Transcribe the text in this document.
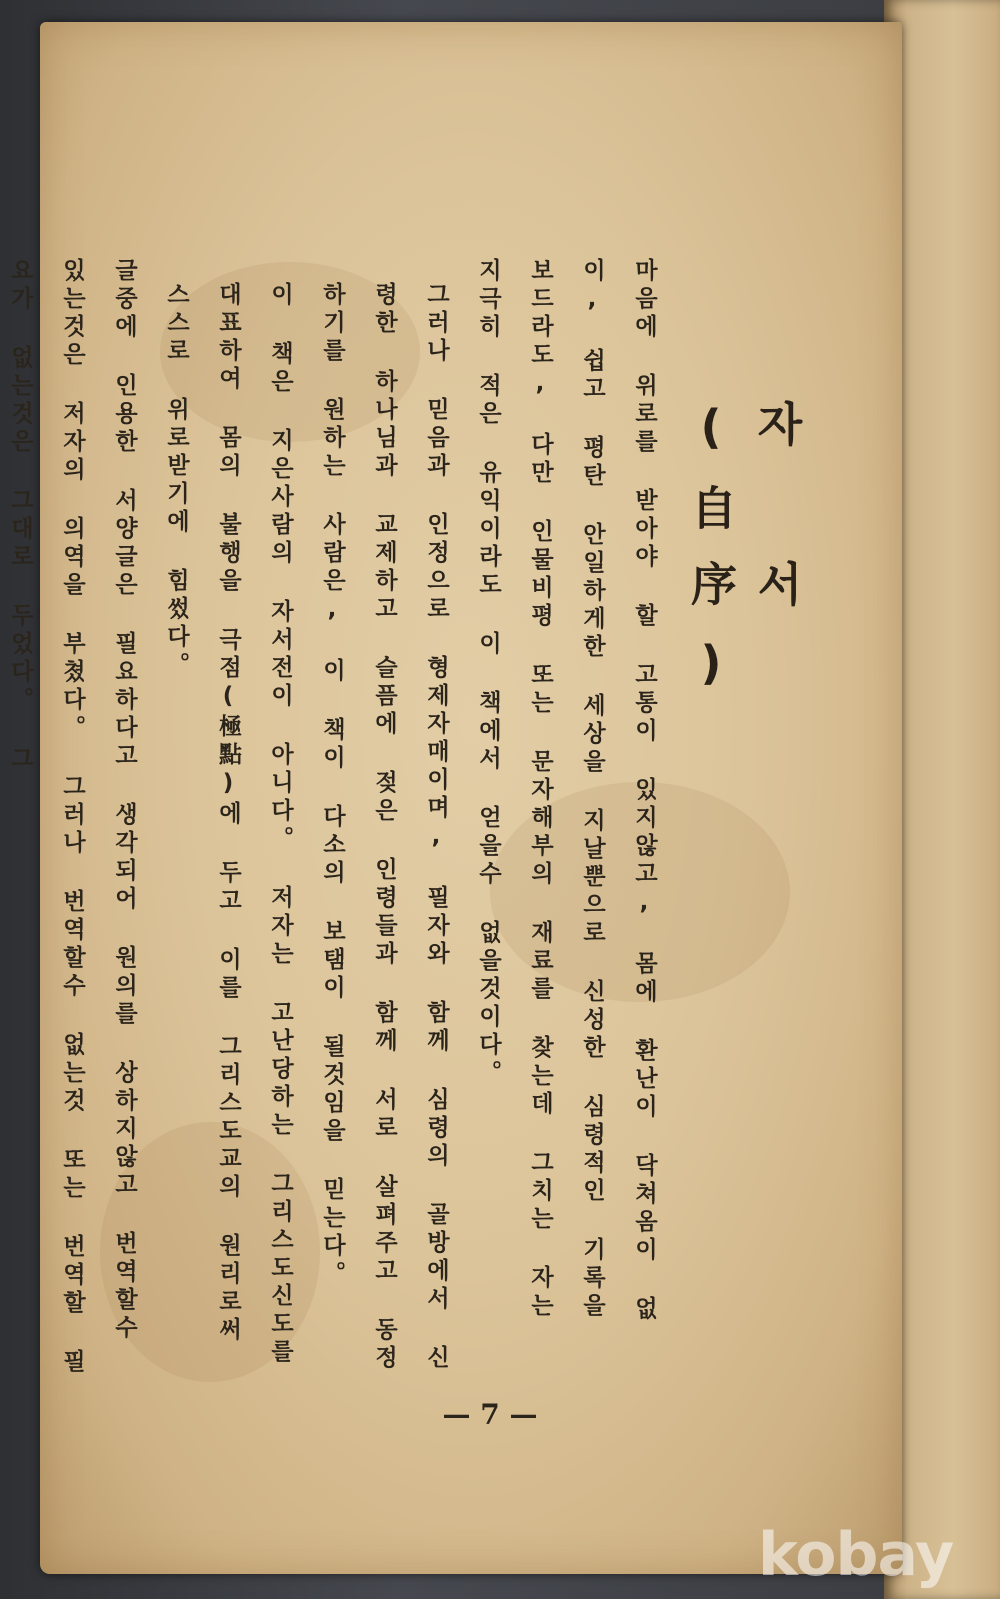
자 서(自序)

마음에 위로를 받아야 할 고통이 있지않고, 몸에 환난이 닥쳐옴이 없이, 쉽고 평탄 안일하게한 세상을 지날뿐으로 신성한 심령적인 기록을 보드라도, 다만 인물비평 또는 문자해부의 재료를 찾는데 그치는 자는 지극히 적은 유익이라도 이 책에서 얻을수 없을것이다。

그러나 믿음과 인정으로 형제자매이며, 필자와 함께 심령의 골방에서 신령한 하나님과 교제하고 슬픔에 젖은 인령들과 함께 서로 살펴주고 동정하기를 원하는 사람은, 이 책이 다소의 보탬이 될것임을 믿는다。

이 책은 지은사람의 자서전이 아니다。 저자는 고난당하는 그리스도신도를 대표하여 몸의 불행을 극점(極點)에 두고 이를 그리스도교의 원리로써 스스로 위로받기에 힘썼다。

글중에 인용한 서양글은 필요하다고 생각되어 원의를 상하지않고 번역할수 있는것은 저자의 의역을 부쳤다。 그러나 번역할수 없는것 또는 번역할 필요가 없는것은 그대로 두었다。 그

— 7 —
kobay
